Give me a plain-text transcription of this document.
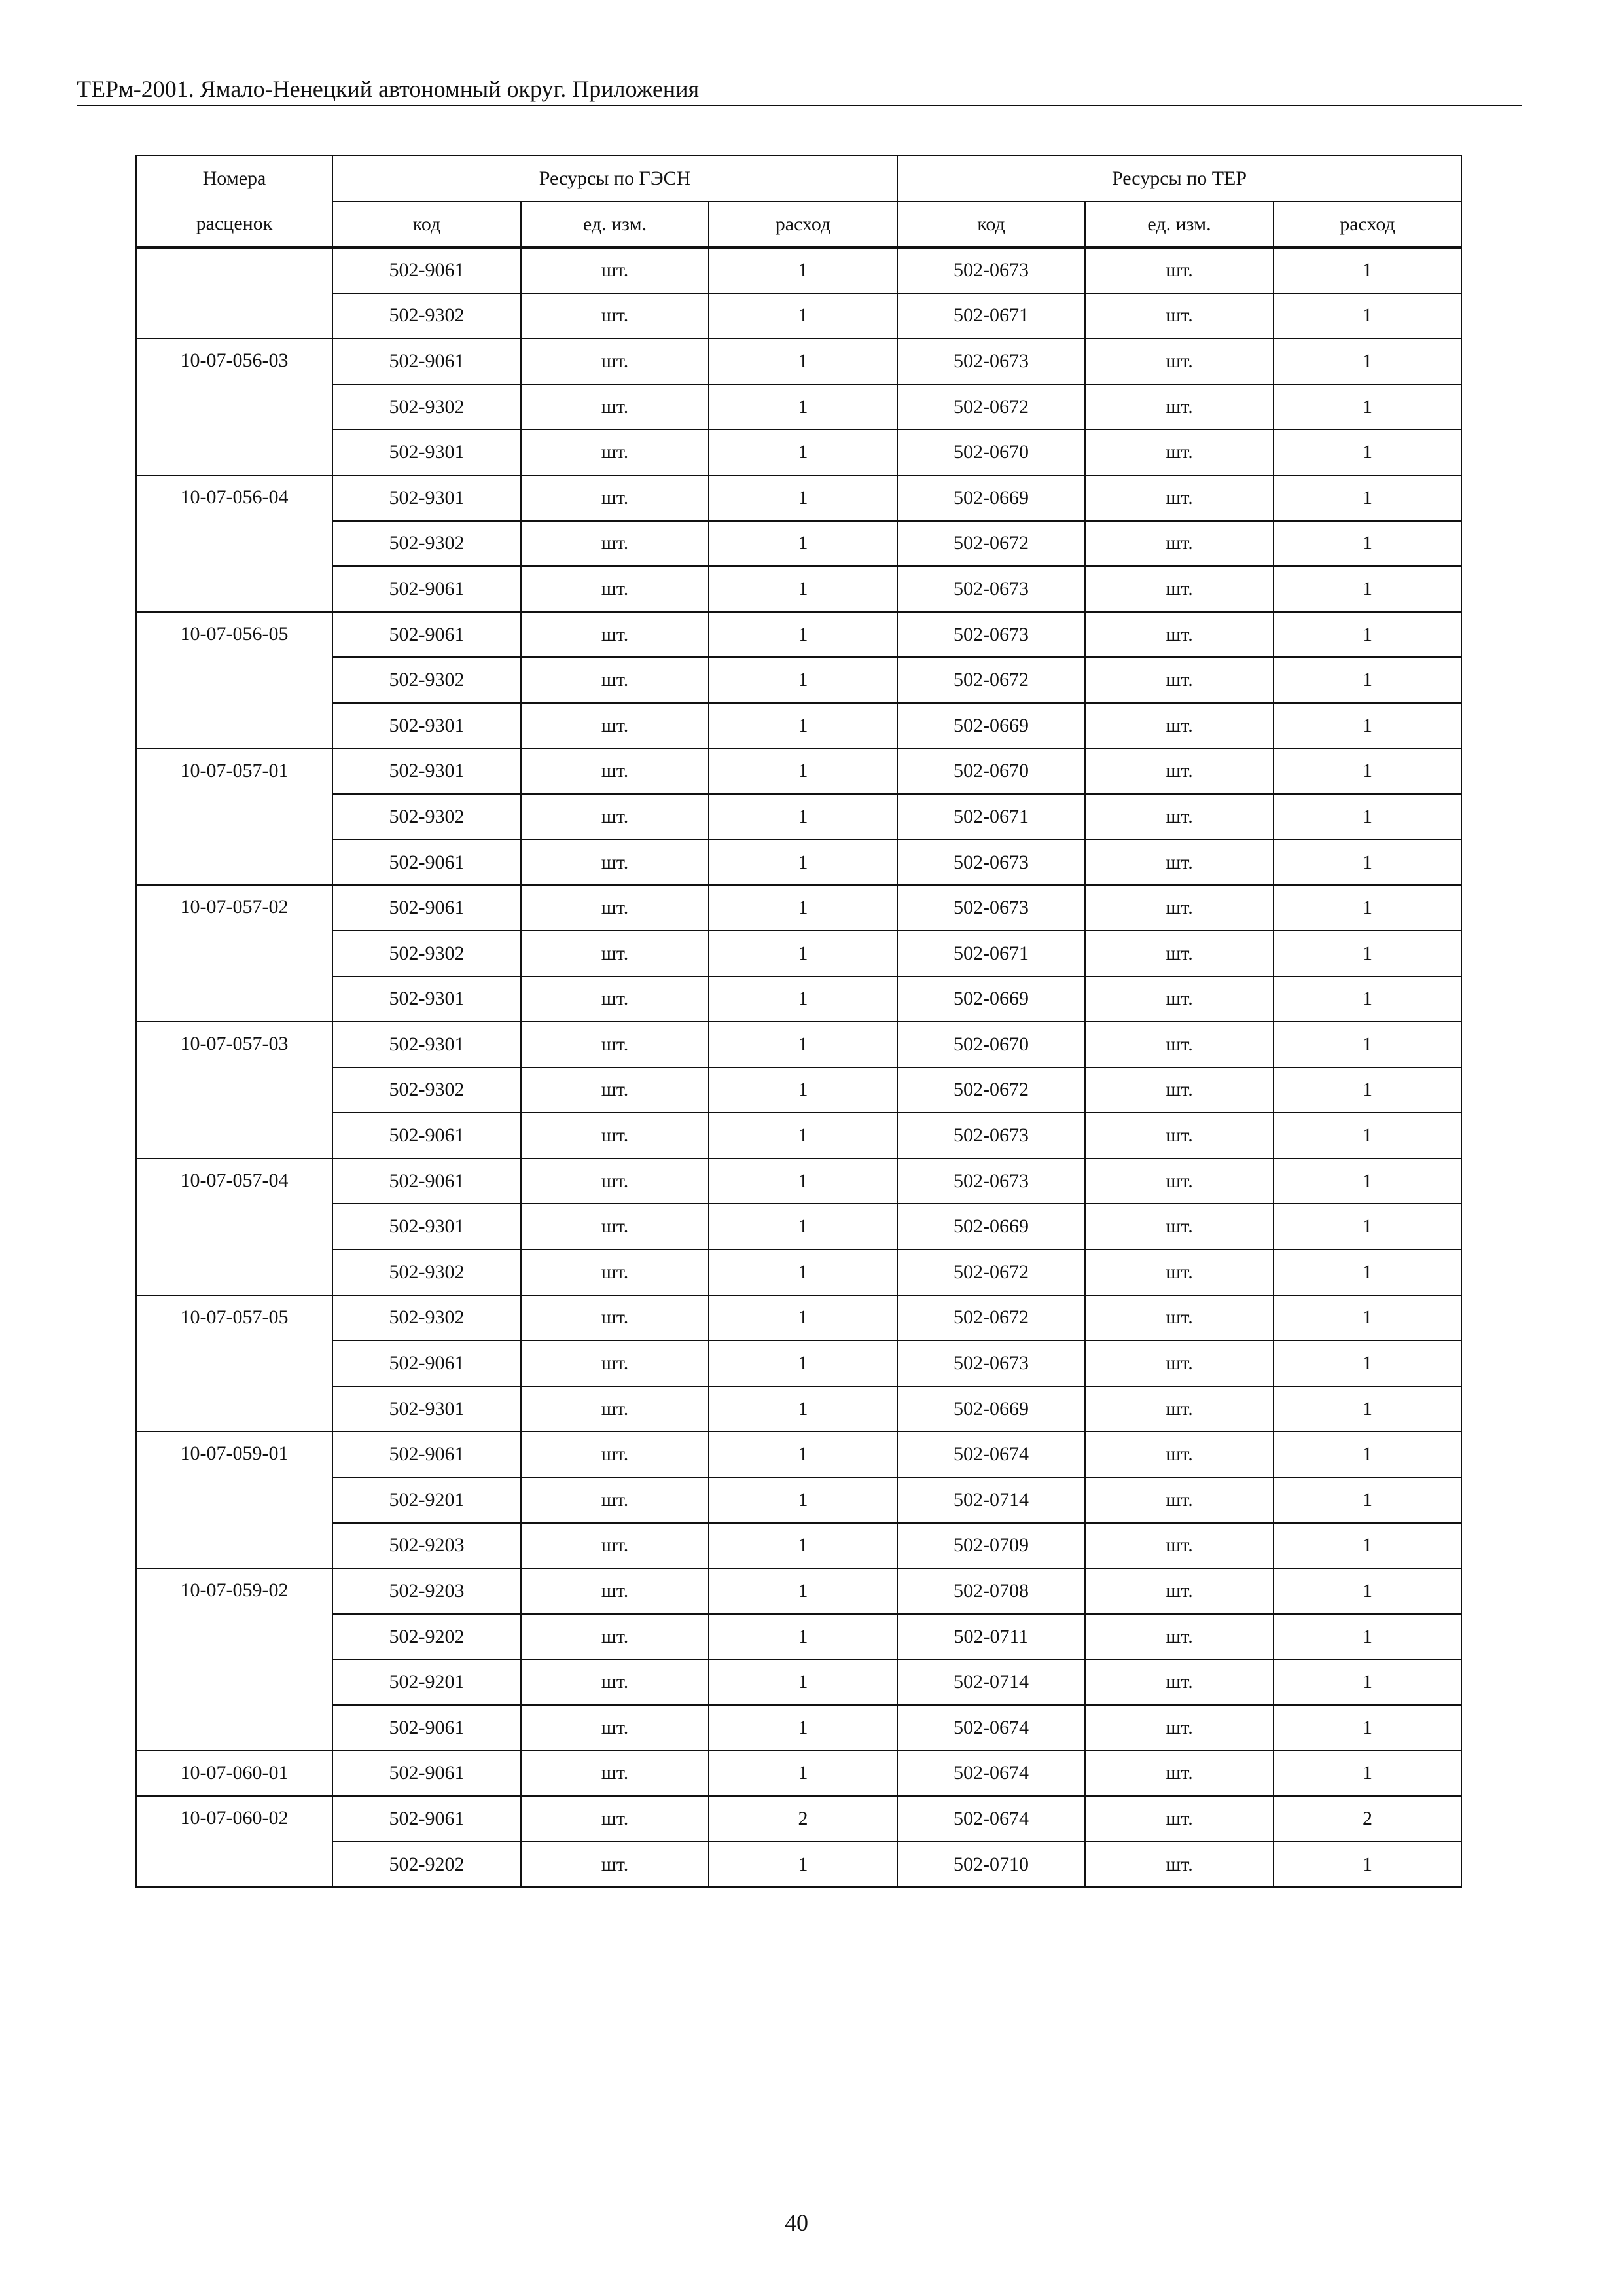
ТЕРм-2001. Ямало-Ненецкий автономный округ. Приложения
Номера
расценок	Ресурсы по ГЭСН			Ресурсы по ТЕР		
	код	ед. изм.	расход	код	ед. изм.	расход
	502-9061	шт.	1	502-0673	шт.	1
	502-9302	шт.	1	502-0671	шт.	1
10-07-056-03	502-9061	шт.	1	502-0673	шт.	1
	502-9302	шт.	1	502-0672	шт.	1
	502-9301	шт.	1	502-0670	шт.	1
10-07-056-04	502-9301	шт.	1	502-0669	шт.	1
	502-9302	шт.	1	502-0672	шт.	1
	502-9061	шт.	1	502-0673	шт.	1
10-07-056-05	502-9061	шт.	1	502-0673	шт.	1
	502-9302	шт.	1	502-0672	шт.	1
	502-9301	шт.	1	502-0669	шт.	1
10-07-057-01	502-9301	шт.	1	502-0670	шт.	1
	502-9302	шт.	1	502-0671	шт.	1
	502-9061	шт.	1	502-0673	шт.	1
10-07-057-02	502-9061	шт.	1	502-0673	шт.	1
	502-9302	шт.	1	502-0671	шт.	1
	502-9301	шт.	1	502-0669	шт.	1
10-07-057-03	502-9301	шт.	1	502-0670	шт.	1
	502-9302	шт.	1	502-0672	шт.	1
	502-9061	шт.	1	502-0673	шт.	1
10-07-057-04	502-9061	шт.	1	502-0673	шт.	1
	502-9301	шт.	1	502-0669	шт.	1
	502-9302	шт.	1	502-0672	шт.	1
10-07-057-05	502-9302	шт.	1	502-0672	шт.	1
	502-9061	шт.	1	502-0673	шт.	1
	502-9301	шт.	1	502-0669	шт.	1
10-07-059-01	502-9061	шт.	1	502-0674	шт.	1
	502-9201	шт.	1	502-0714	шт.	1
	502-9203	шт.	1	502-0709	шт.	1
10-07-059-02	502-9203	шт.	1	502-0708	шт.	1
	502-9202	шт.	1	502-0711	шт.	1
	502-9201	шт.	1	502-0714	шт.	1
	502-9061	шт.	1	502-0674	шт.	1
10-07-060-01	502-9061	шт.	1	502-0674	шт.	1
10-07-060-02	502-9061	шт.	2	502-0674	шт.	2
	502-9202	шт.	1	502-0710	шт.	1
40
